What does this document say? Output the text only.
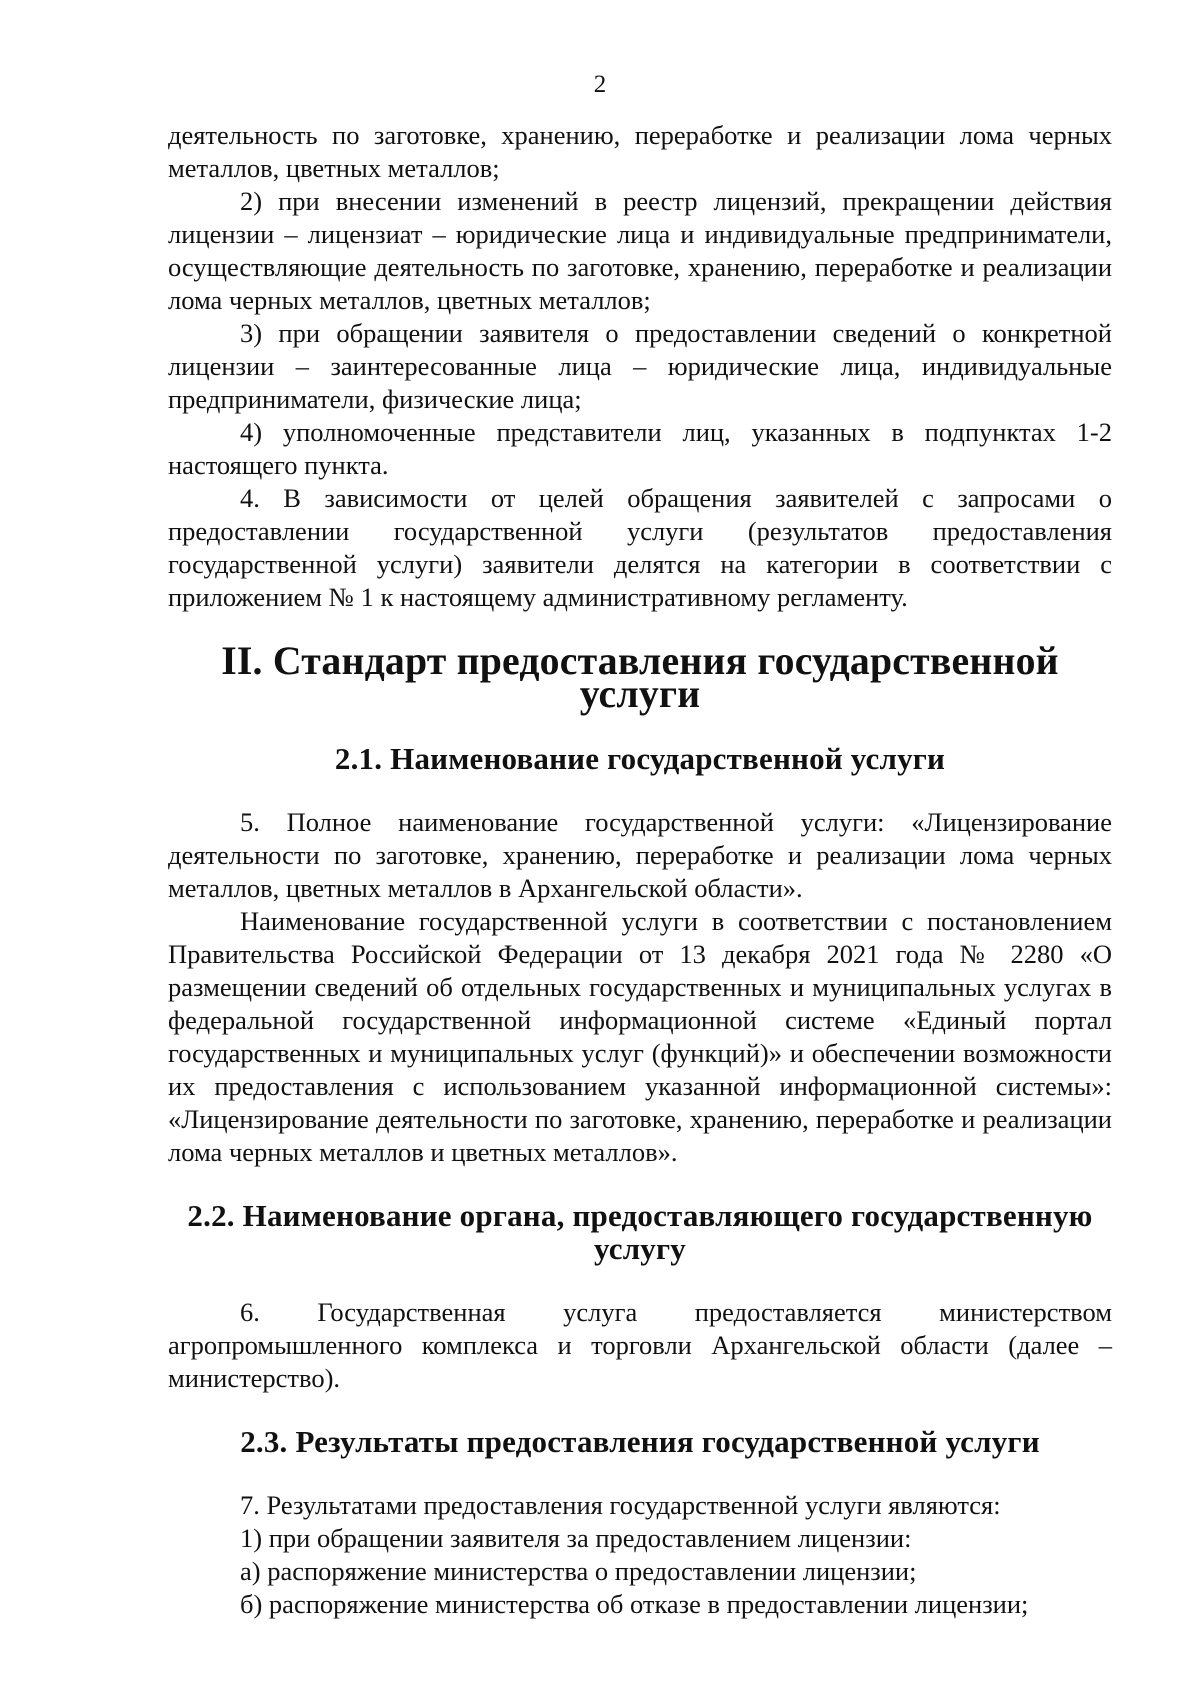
2

деятельность по заготовке, хранению, переработке и реализации лома черных металлов, цветных металлов;

2) при внесении изменений в реестр лицензий, прекращении действия лицензии – лицензиат – юридические лица и индивидуальные предприниматели, осуществляющие деятельность по заготовке, хранению, переработке и реализации лома черных металлов, цветных металлов;

3) при обращении заявителя о предоставлении сведений о конкретной лицензии – заинтересованные лица – юридические лица, индивидуальные предприниматели, физические лица;

4) уполномоченные представители лиц, указанных в подпунктах 1-2 настоящего пункта.

4. В зависимости от целей обращения заявителей с запросами о предоставлении государственной услуги (результатов предоставления государственной услуги) заявители делятся на категории в соответствии с приложением № 1 к настоящему административному регламенту.

II. Стандарт предоставления государственной услуги
2.1. Наименование государственной услуги

5. Полное наименование государственной услуги: «Лицензирование деятельности по заготовке, хранению, переработке и реализации лома черных металлов, цветных металлов в Архангельской области».

Наименование государственной услуги в соответствии с постановлением Правительства Российской Федерации от 13 декабря 2021 года № 2280 «О размещении сведений об отдельных государственных и муниципальных услугах в федеральной государственной информационной системе «Единый портал государственных и муниципальных услуг (функций)» и обеспечении возможности их предоставления с использованием указанной информационной системы»: «Лицензирование деятельности по заготовке, хранению, переработке и реализации лома черных металлов и цветных металлов».

2.2. Наименование органа, предоставляющего государственную услугу

6. Государственная услуга предоставляется министерством агропромышленного комплекса и торговли Архангельской области (далее – министерство).

2.3. Результаты предоставления государственной услуги

7. Результатами предоставления государственной услуги являются:

1) при обращении заявителя за предоставлением лицензии:

а) распоряжение министерства о предоставлении лицензии;

б) распоряжение министерства об отказе в предоставлении лицензии;
